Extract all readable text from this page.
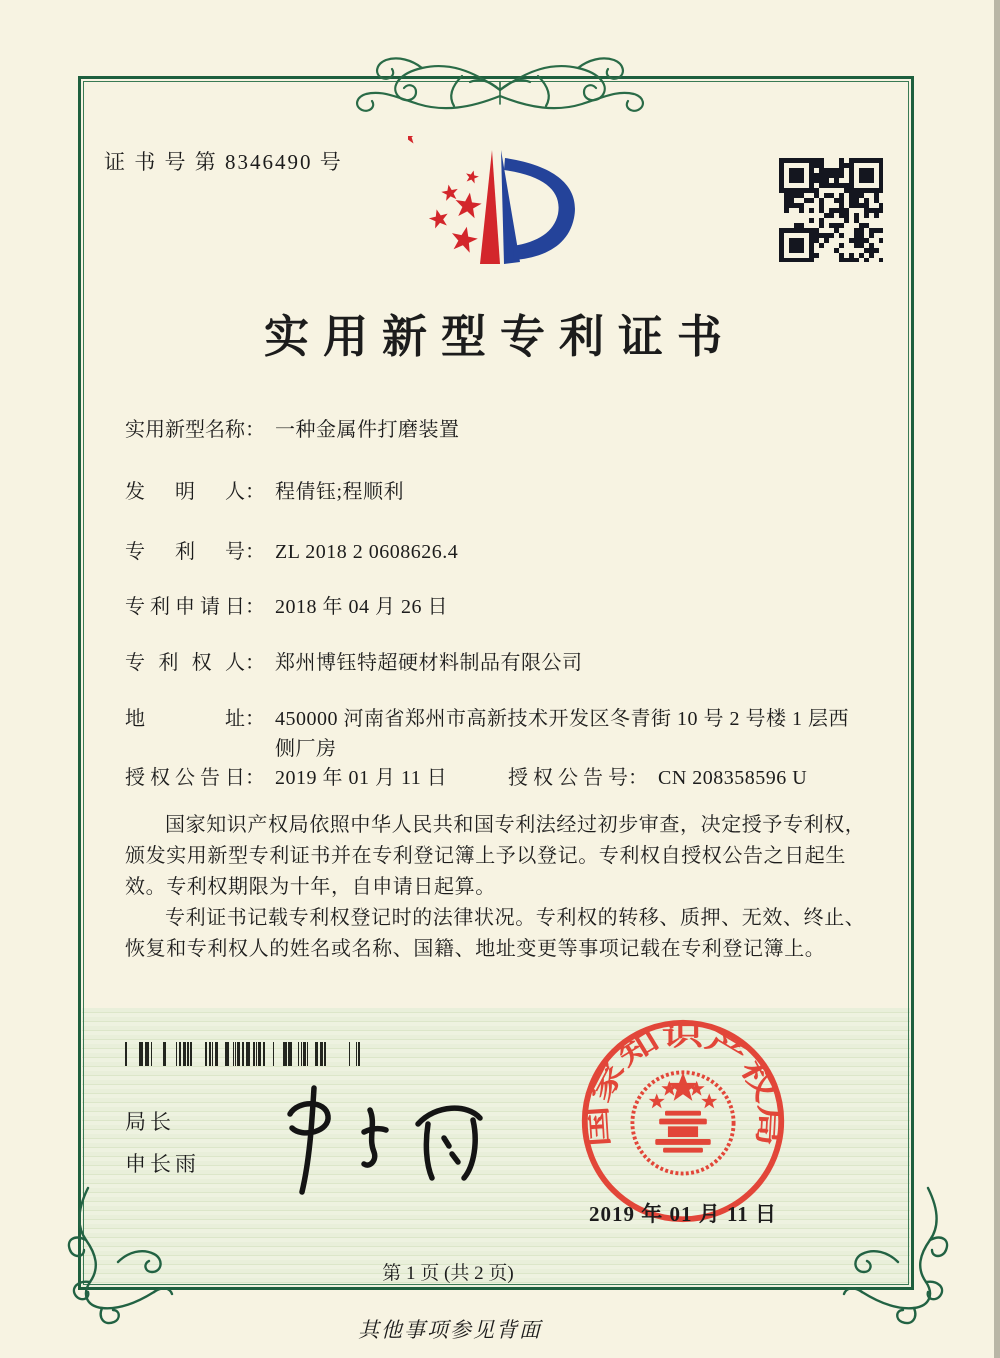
证 书 号 第 8346490 号
实用新型专利证书
实用新型名称： 一种金属件打磨装置
发明人： 程倩钰;程顺利
专利号： ZL 2018 2 0608626.4
专利申请日： 2018 年 04 月 26 日
专利权人： 郑州博钰特超硬材料制品有限公司
地址： 450000 河南省郑州市高新技术开发区冬青街 10 号 2 号楼 1 层西侧厂房
授权公告日： 2019 年 01 月 11 日	授权公告号： CN 208358596 U

国家知识产权局依照中华人民共和国专利法经过初步审查，决定授予专利权，颁发实用新型专利证书并在专利登记簿上予以登记。专利权自授权公告之日起生效。专利权期限为十年，自申请日起算。

专利证书记载专利权登记时的法律状况。专利权的转移、质押、无效、终止、恢复和专利权人的姓名或名称、国籍、地址变更等事项记载在专利登记簿上。

局长
申长雨
国家知识产权局
2019 年 01 月 11 日
第 1 页 (共 2 页)
其他事项参见背面
